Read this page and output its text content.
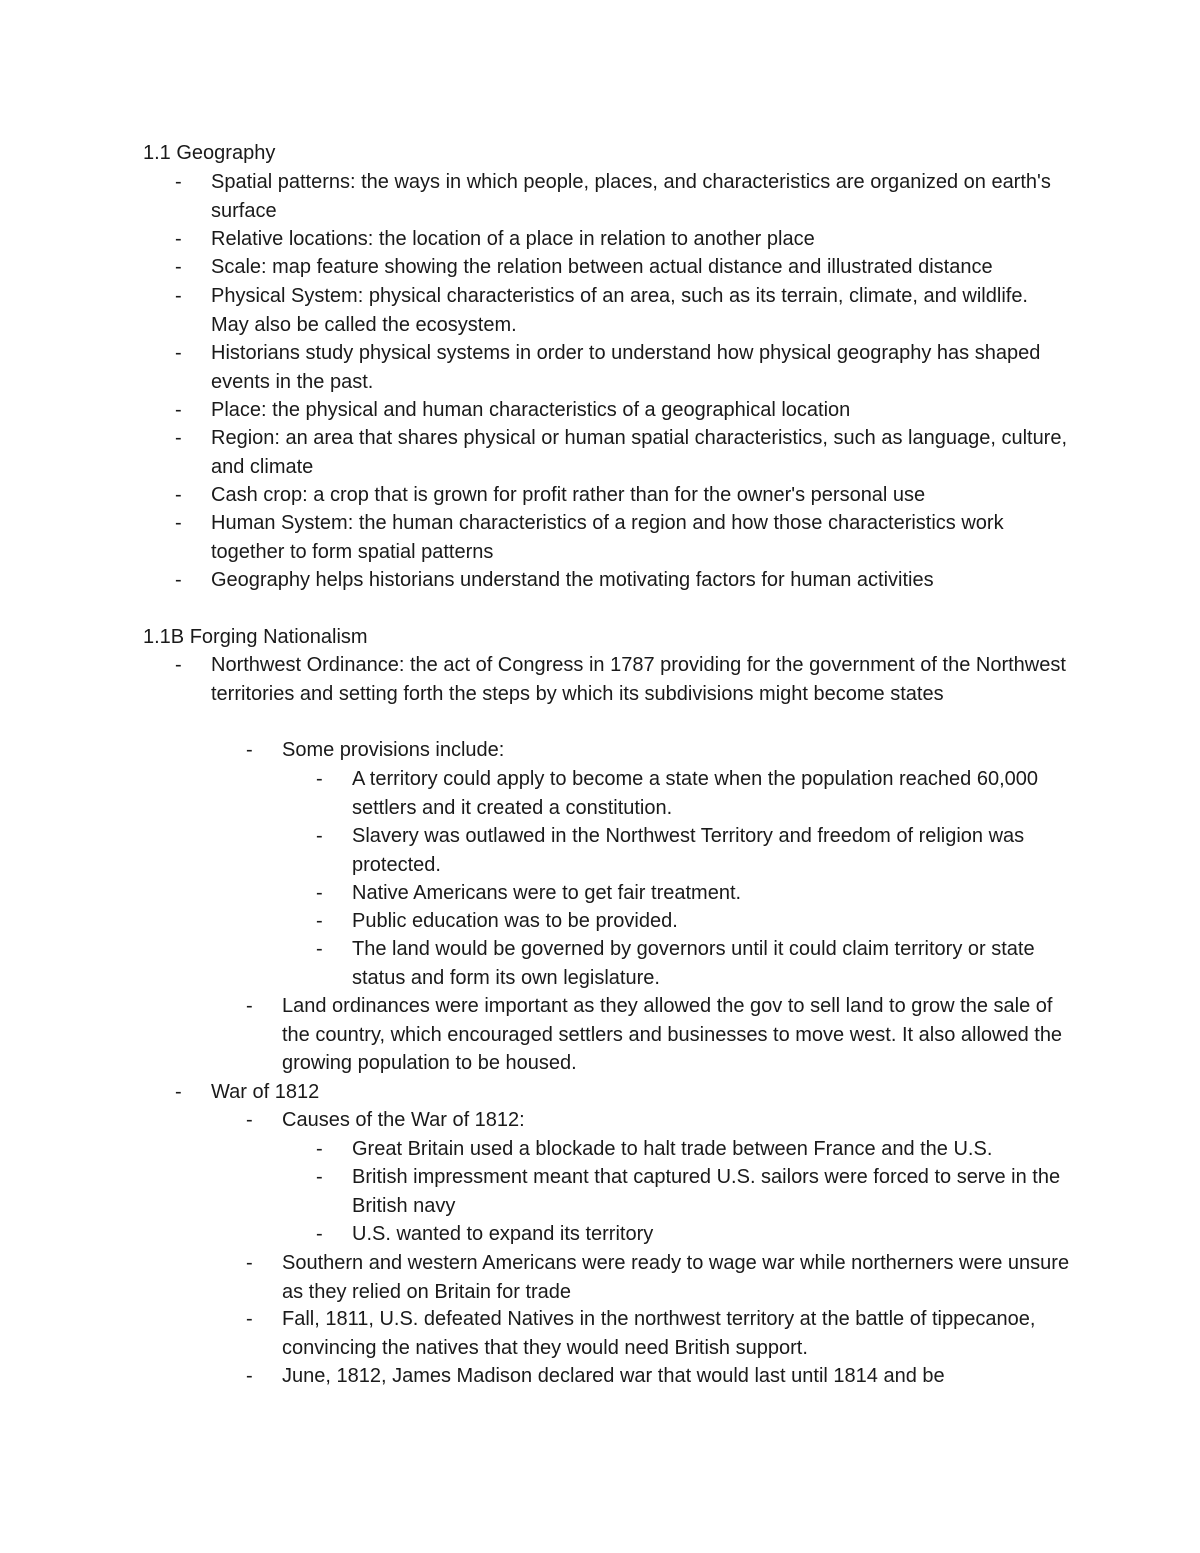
1.1 Geography
- Spatial patterns: the ways in which people, places, and characteristics are organized on earth's surface
- Relative locations: the location of a place in relation to another place
- Scale: map feature showing the relation between actual distance and illustrated distance
- Physical System: physical characteristics of an area, such as its terrain, climate, and wildlife. May also be called the ecosystem.
- Historians study physical systems in order to understand how physical geography has shaped events in the past.
- Place: the physical and human characteristics of a geographical location
- Region: an area that shares physical or human spatial characteristics, such as language, culture, and climate
- Cash crop: a crop that is grown for profit rather than for the owner's personal use
- Human System: the human characteristics of a region and how those characteristics work together to form spatial patterns
- Geography helps historians understand the motivating factors for human activities
1.1B Forging Nationalism
- Northwest Ordinance: the act of Congress in 1787 providing for the government of the Northwest territories and setting forth the steps by which its subdivisions might become states
- Some provisions include:
- A territory could apply to become a state when the population reached 60,000 settlers and it created a constitution.
- Slavery was outlawed in the Northwest Territory and freedom of religion was protected.
- Native Americans were to get fair treatment.
- Public education was to be provided.
- The land would be governed by governors until it could claim territory or state status and form its own legislature.
- Land ordinances were important as they allowed the gov to sell land to grow the sale of the country, which encouraged settlers and businesses to move west. It also allowed the growing population to be housed.
- War of 1812
- Causes of the War of 1812:
- Great Britain used a blockade to halt trade between France and the U.S.
- British impressment meant that captured U.S. sailors were forced to serve in the British navy
- U.S. wanted to expand its territory
- Southern and western Americans were ready to wage war while northerners were unsure as they relied on Britain for trade
- Fall, 1811, U.S. defeated Natives in the northwest territory at the battle of tippecanoe, convincing the natives that they would need British support.
- June, 1812, James Madison declared war that would last until 1814 and be
